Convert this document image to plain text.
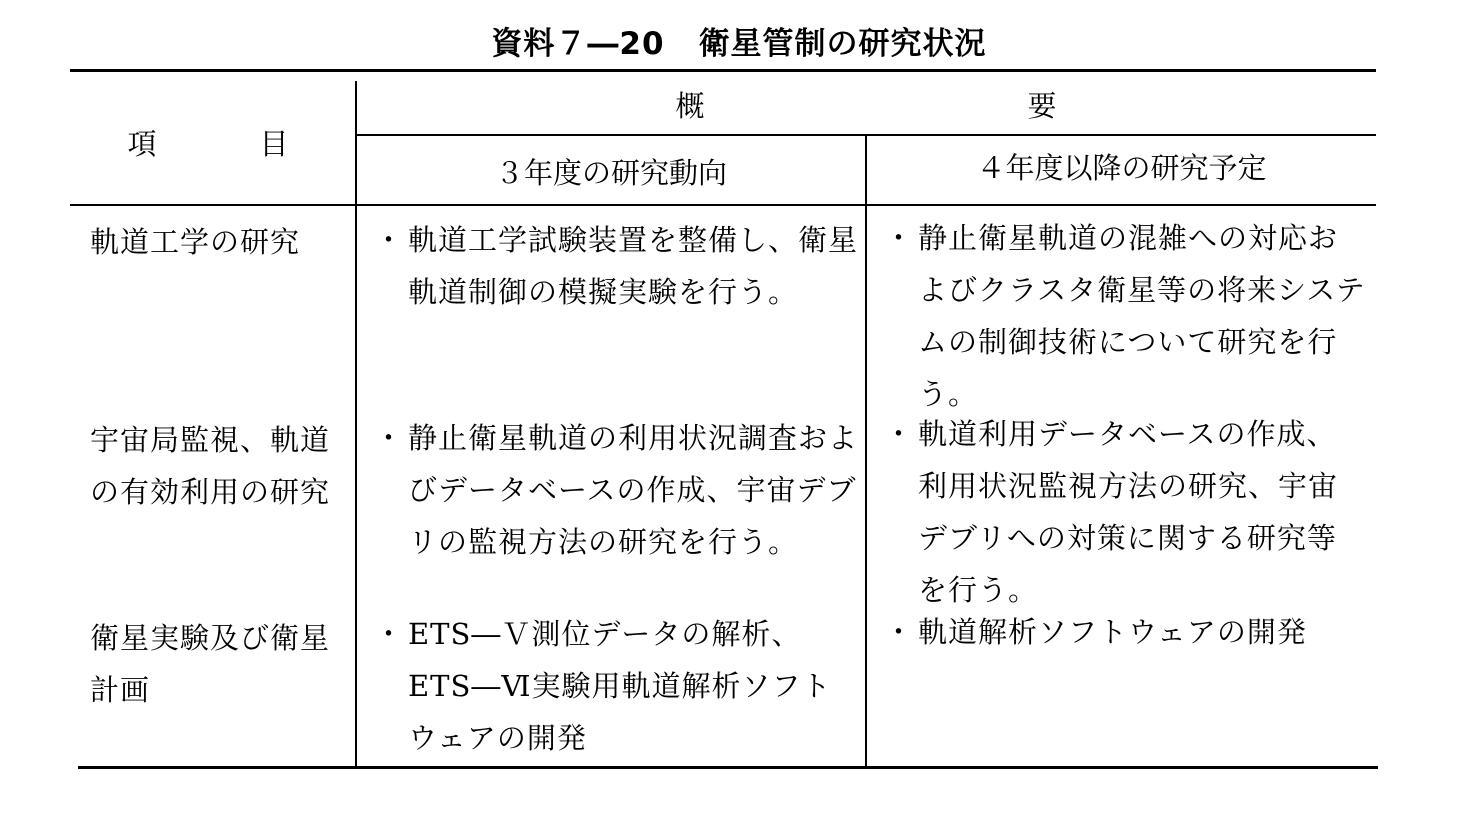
資料７―20 衛星管制の研究状況
項　　　目
概	要
３年度の研究動向	４年度以降の研究予定
軌道工学の研究
・	軌道工学試験装置を整備し、衛星軌道制御の模擬実験を行う。
・ 静止衛星軌道の混雑への対応およびクラスタ衛星等の将来システムの制御技術について研究を行う。
宇宙局監視、軌道の有効利用の研究
・ 静止衛星軌道の利用状況調査およびデータベースの作成、宇宙デブリの監視方法の研究を行う。
・ 軌道利用データベースの作成、利用状況監視方法の研究、宇宙デブリへの対策に関する研究等を行う。
衛星実験及び衛星計画
・ ETS―Ｖ測位データの解析、ETS―Ⅵ実験用軌道解析ソフトウェアの開発
・ 軌道解析ソフトウェアの開発
